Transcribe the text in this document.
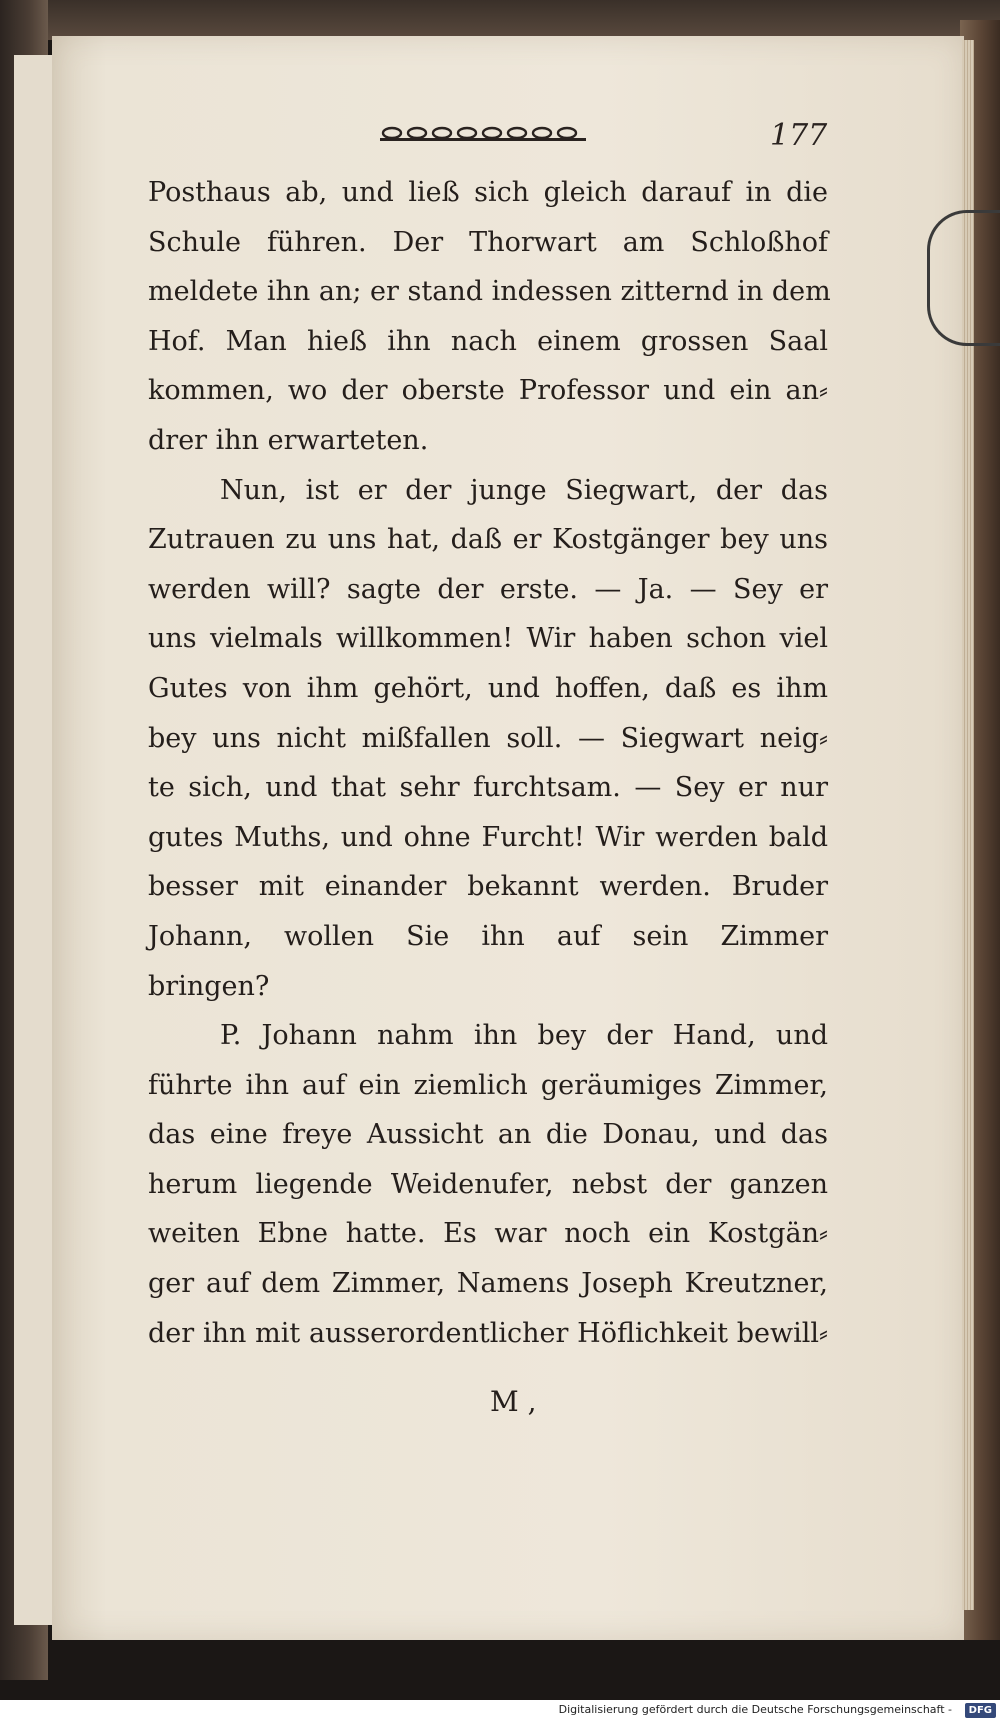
177
Posthaus ab, und ließ sich gleich darauf in die
Schule führen. Der Thorwart am Schloßhof
meldete ihn an; er stand indessen zitternd in dem
Hof. Man hieß ihn nach einem grossen Saal
kommen, wo der oberste Professor und ein an⸗
drer ihn erwarteten.
Nun, ist er der junge Siegwart, der das
Zutrauen zu uns hat, daß er Kostgänger bey uns
werden will? sagte der erste. — Ja. — Sey er
uns vielmals willkommen! Wir haben schon viel
Gutes von ihm gehört, und hoffen, daß es ihm
bey uns nicht mißfallen soll. — Siegwart neig⸗
te sich, und that sehr furchtsam. — Sey er nur
gutes Muths, und ohne Furcht! Wir werden bald
besser mit einander bekannt werden. Bruder
Johann, wollen Sie ihn auf sein Zimmer
bringen?
P. Johann nahm ihn bey der Hand, und
führte ihn auf ein ziemlich geräumiges Zimmer,
das eine freye Aussicht an die Donau, und das
herum liegende Weidenufer, nebst der ganzen
weiten Ebne hatte. Es war noch ein Kostgän⸗
ger auf dem Zimmer, Namens Joseph Kreutzner,
der ihn mit ausserordentlicher Höflichkeit bewill⸗
M ,
Digitalisierung gefördert durch die Deutsche Forschungsgemeinschaft -	DFG
